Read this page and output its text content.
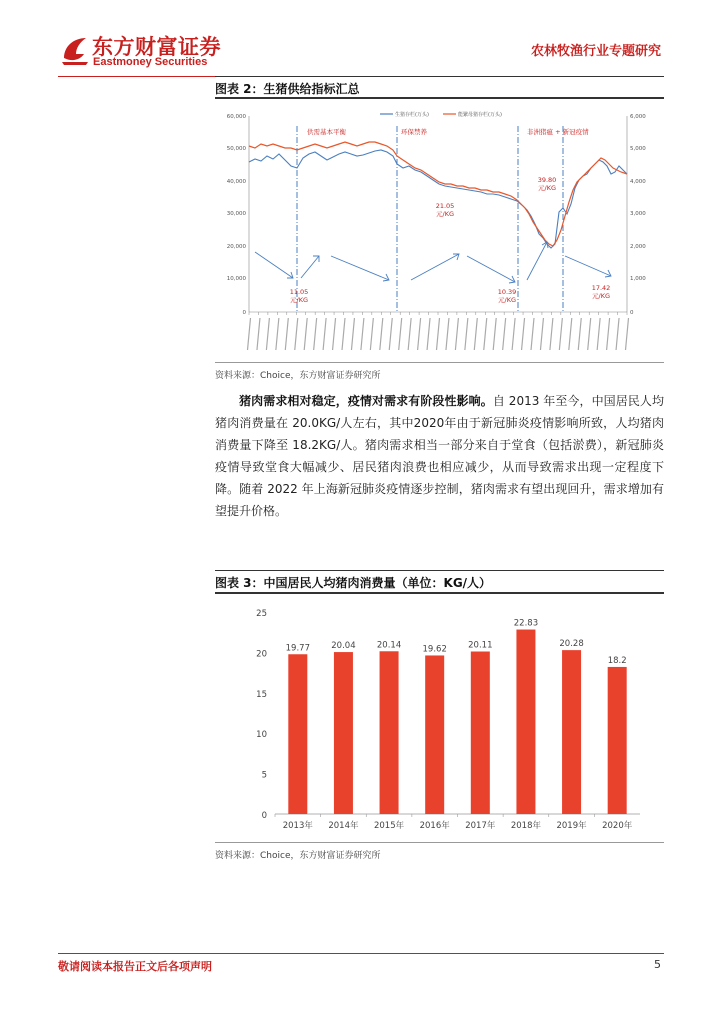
东方财富证券
Eastmoney Securities
农林牧渔行业专题研究
图表 2：生猪供给指标汇总
60,000
50,000
40,000
30,000
20,000
10,000
0
6,000
5,000
4,000
3,000
2,000
1,000
0
生猪存栏(万头)	能繁母猪存栏(万头)
供需基本平衡	环保禁养	非洲猪瘟 + 新冠疫情
21.05
元/KG
39.80
元/KG
11.05
元/KG
10.39
元/KG
17.42
元/KG
资料来源：Choice，东方财富证券研究所
猪肉需求相对稳定，疫情对需求有阶段性影响。自 2013 年至今，中国居民人均猪肉消费量在 20.0KG/人左右，其中2020年由于新冠肺炎疫情影响所致，人均猪肉消费量下降至 18.2KG/人。猪肉需求相当一部分来自于堂食（包括淤费），新冠肺炎疫情导致堂食大幅减少、居民猪肉浪费也相应减少，从而导致需求出现一定程度下降。随着 2022 年上海新冠肺炎疫情逐步控制，猪肉需求有望出现回升，需求增加有望提升价格。
图表 3：中国居民人均猪肉消费量（单位：KG/人）
25
20
15
10
5
0
19.77	20.04	20.14	19.62	20.11
22.83
20.28
18.2
2013年 2014年 2015年 2016年 2017年 2018年 2019年 2020年
资料来源：Choice，东方财富证券研究所
敬请阅读本报告正文后各项声明	5
